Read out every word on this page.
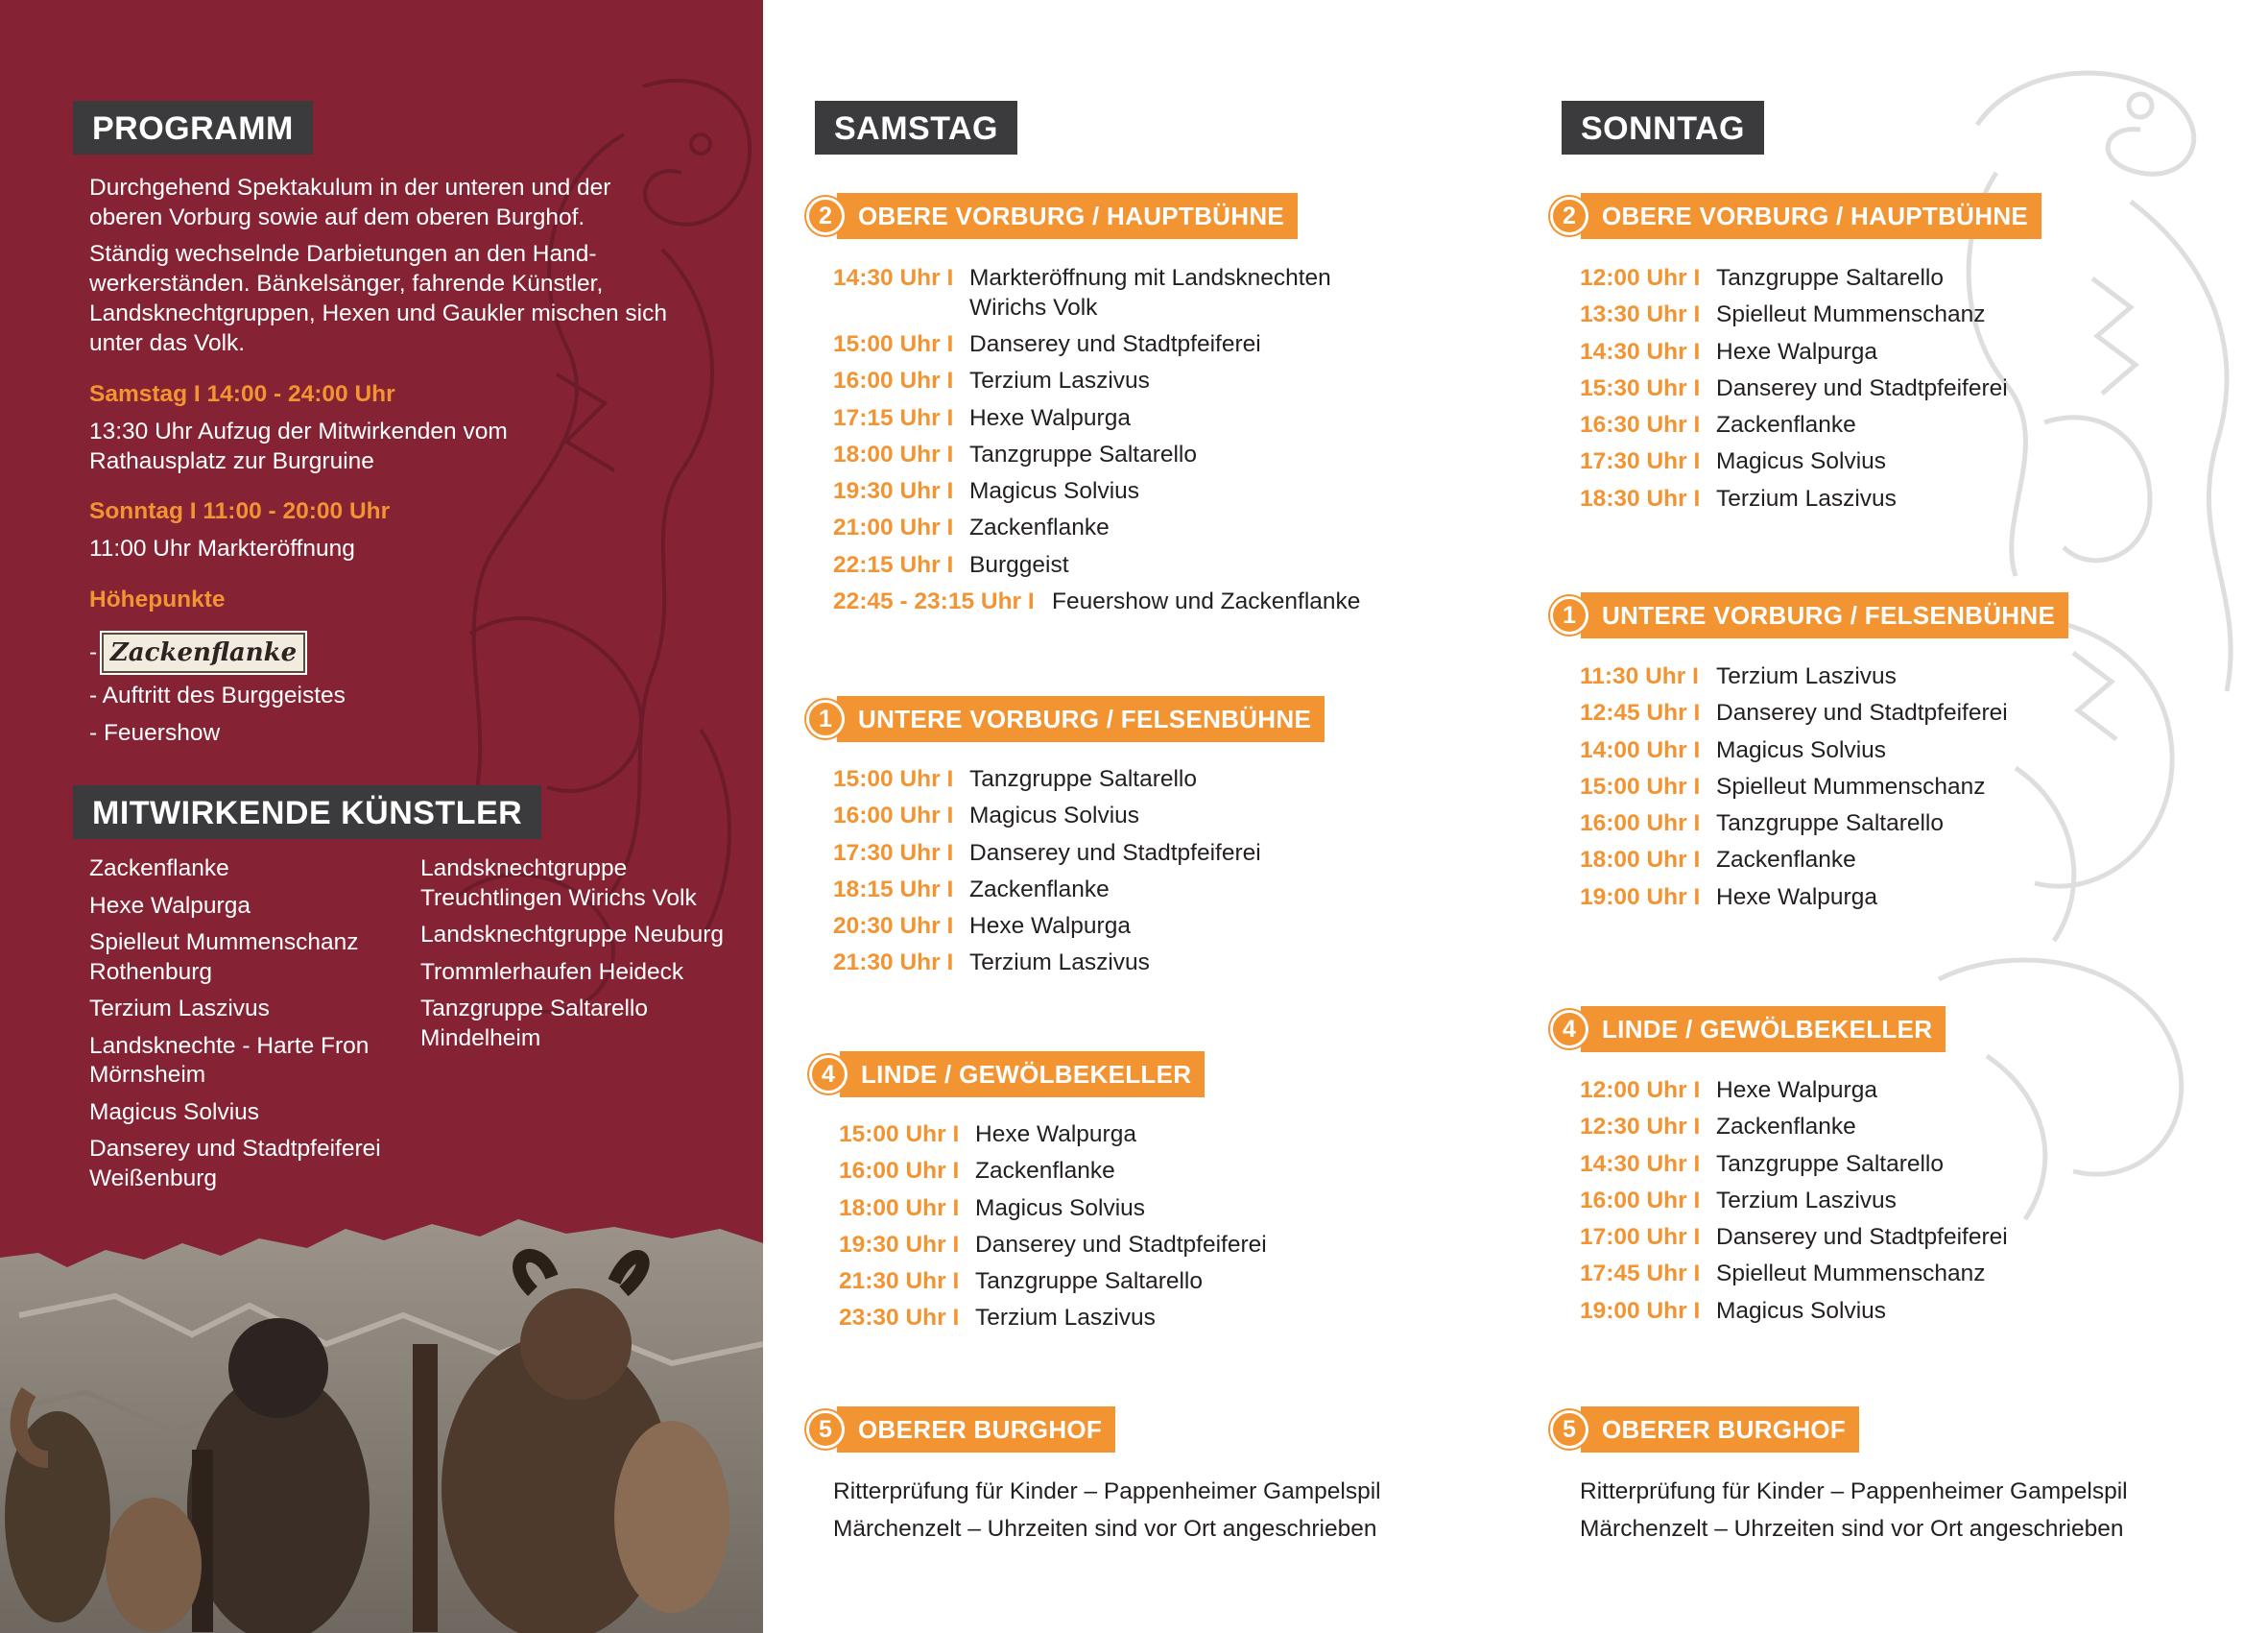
PROGRAMM
Durchgehend Spektakulum in der unteren und der oberen Vorburg sowie auf dem oberen Burghof.
Ständig wechselnde Darbietungen an den Hand-werkerständen. Bänkelsänger, fahrende Künstler, Landsknechtgruppen, Hexen und Gaukler mischen sich unter das Volk.
Samstag I 14:00 - 24:00 Uhr
13:30 Uhr Aufzug der Mitwirkenden vom Rathausplatz zur Burgruine
Sonntag I 11:00 - 20:00 Uhr
11:00 Uhr Markteröffnung
Höhepunkte
- Zackenflanke
- Auftritt des Burggeistes
- Feuershow
MITWIRKENDE KÜNSTLER
Zackenflanke
Hexe Walpurga
Spielleut Mummenschanz Rothenburg
Terzium Laszivus
Landsknechte - Harte Fron Mörnsheim
Magicus Solvius
Danserey und Stadtpfeiferei Weißenburg
Landsknechtgruppe Treuchtlingen Wirichs Volk
Landsknechtgruppe Neuburg
Trommlerhaufen Heideck
Tanzgruppe Saltarello Mindelheim
SAMSTAG
2	OBERE VORBURG / HAUPTBÜHNE
14:30 Uhr I Markteröffnung mit Landsknechten Wirichs Volk
15:00 Uhr I Danserey und Stadtpfeiferei
16:00 Uhr I Terzium Laszivus
17:15 Uhr I Hexe Walpurga
18:00 Uhr I Tanzgruppe Saltarello
19:30 Uhr I Magicus Solvius
21:00 Uhr I Zackenflanke
22:15 Uhr I Burggeist
22:45 - 23:15 Uhr I Feuershow und Zackenflanke
1	UNTERE VORBURG / FELSENBÜHNE
15:00 Uhr I Tanzgruppe Saltarello
16:00 Uhr I Magicus Solvius
17:30 Uhr I Danserey und Stadtpfeiferei
18:15 Uhr I Zackenflanke
20:30 Uhr I Hexe Walpurga
21:30 Uhr I Terzium Laszivus
4	LINDE / GEWÖLBEKELLER
15:00 Uhr I Hexe Walpurga
16:00 Uhr I Zackenflanke
18:00 Uhr I Magicus Solvius
19:30 Uhr I Danserey und Stadtpfeiferei
21:30 Uhr I Tanzgruppe Saltarello
23:30 Uhr I Terzium Laszivus
5	OBERER BURGHOF
Ritterprüfung für Kinder – Pappenheimer Gampelspil
Märchenzelt – Uhrzeiten sind vor Ort angeschrieben
SONNTAG
2	OBERE VORBURG / HAUPTBÜHNE
12:00 Uhr I Tanzgruppe Saltarello
13:30 Uhr I Spielleut Mummenschanz
14:30 Uhr I Hexe Walpurga
15:30 Uhr I Danserey und Stadtpfeiferei
16:30 Uhr I Zackenflanke
17:30 Uhr I Magicus Solvius
18:30 Uhr I Terzium Laszivus
1	UNTERE VORBURG / FELSENBÜHNE
11:30 Uhr I Terzium Laszivus
12:45 Uhr I Danserey und Stadtpfeiferei
14:00 Uhr I Magicus Solvius
15:00 Uhr I Spielleut Mummenschanz
16:00 Uhr I Tanzgruppe Saltarello
18:00 Uhr I Zackenflanke
19:00 Uhr I Hexe Walpurga
4	LINDE / GEWÖLBEKELLER
12:00 Uhr I Hexe Walpurga
12:30 Uhr I Zackenflanke
14:30 Uhr I Tanzgruppe Saltarello
16:00 Uhr I Terzium Laszivus
17:00 Uhr I Danserey und Stadtpfeiferei
17:45 Uhr I Spielleut Mummenschanz
19:00 Uhr I Magicus Solvius
5	OBERER BURGHOF
Ritterprüfung für Kinder – Pappenheimer Gampelspil
Märchenzelt – Uhrzeiten sind vor Ort angeschrieben
